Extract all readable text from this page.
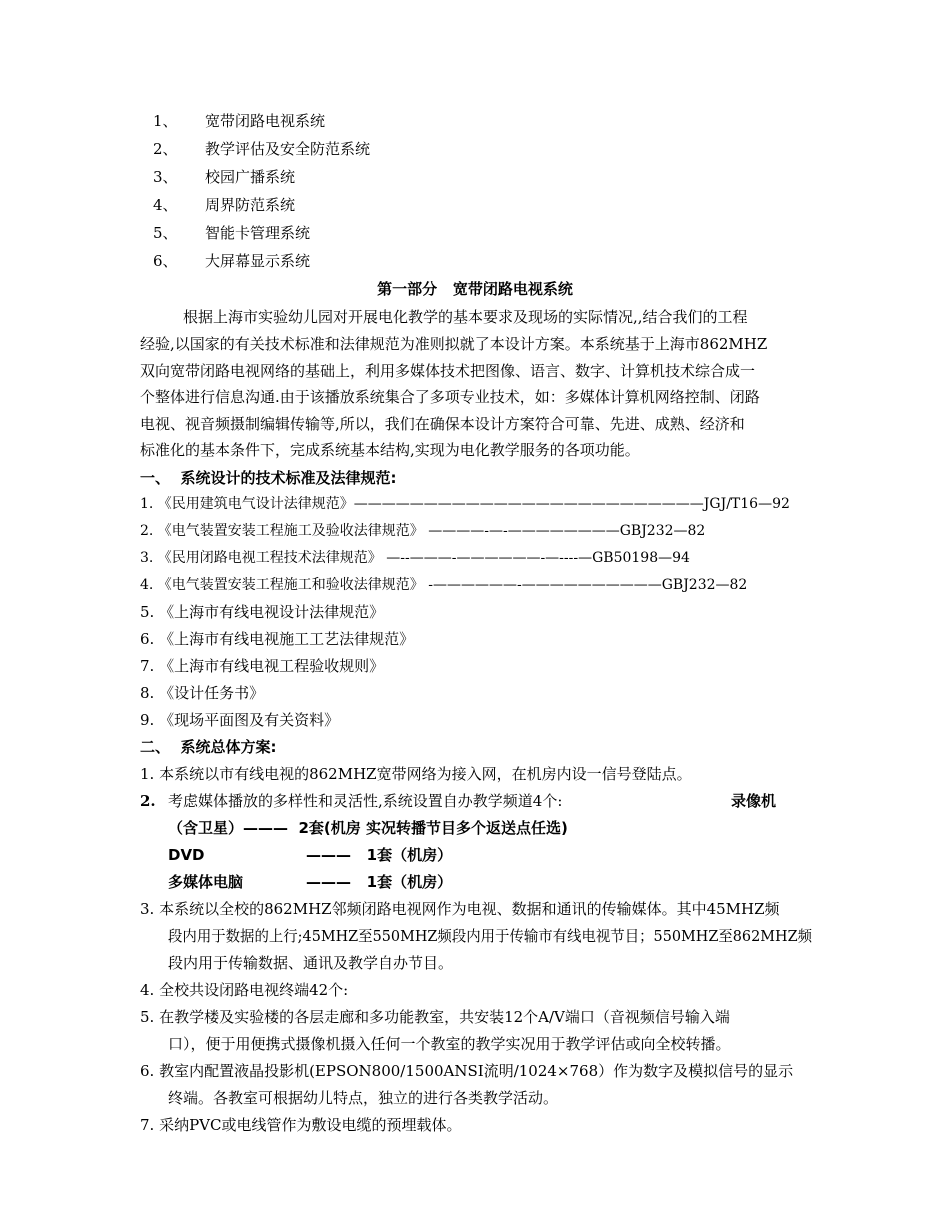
1、 宽带闭路电视系统
2、 教学评估及安全防范系统
3、 校园广播系统
4、 周界防范系统
5、 智能卡管理系统
6、 大屏幕显示系统
第一部分   宽带闭路电视系统
根据上海市实验幼儿园对开展电化教学的基本要求及现场的实际情况,,结合我们的工程
经验,以国家的有关技术标准和法律规范为准则拟就了本设计方案。本系统基于上海市862MHZ
双向宽带闭路电视网络的基础上，利用多媒体技术把图像、语言、数字、计算机技术综合成一
个整体进行信息沟通.由于该播放系统集合了多项专业技术，如：多媒体计算机网络控制、闭路
电视、视音频摄制编辑传输等,所以，我们在确保本设计方案符合可靠、先进、成熟、经济和
标准化的基本条件下，完成系统基本结构,实现为电化教学服务的各项功能。
一、  系统设计的技术标准及法律规范:
1. 《民用建筑电气设计法律规范》—————————————————————————JGJ/T16—92
2. 《电气装置安装工程施工及验收法律规范》 ————-—-————————GBJ232—82
3. 《民用闭路电视工程技术法律规范》 —--———-——————-—----—GB50198—94
4. 《电气装置安装工程施工和验收法律规范》 -——————-——————————GBJ232—82
5. 《上海市有线电视设计法律规范》
6. 《上海市有线电视施工工艺法律规范》
7. 《上海市有线电视工程验收规则》
8. 《设计任务书》
9. 《现场平面图及有关资料》
二、  系统总体方案:
1. 本系统以市有线电视的862MHZ宽带网络为接入网，在机房内设一信号登陆点。
2. 考虑媒体播放的多样性和灵活性,系统设置自办教学频道4个:	录像机
（含卫星）———  2套(机房 实况转播节目多个返送点任选)
DVD	———   1套（机房）
多媒体电脑	———   1套（机房）
3. 本系统以全校的862MHZ邻频闭路电视网作为电视、数据和通讯的传输媒体。其中45MHZ频
段内用于数据的上行;45MHZ至550MHZ频段内用于传输市有线电视节目；550MHZ至862MHZ频
段内用于传输数据、通讯及教学自办节目。
4. 全校共设闭路电视终端42个:
5. 在教学楼及实验楼的各层走廊和多功能教室，共安装12个A/V端口（音视频信号输入端
口），便于用便携式摄像机摄入任何一个教室的教学实况用于教学评估或向全校转播。
6. 教室内配置液晶投影机(EPSON800/1500ANSI流明/1024×768）作为数字及模拟信号的显示
终端。各教室可根据幼儿特点，独立的进行各类教学活动。
7. 采纳PVC或电线管作为敷设电缆的预埋载体。
